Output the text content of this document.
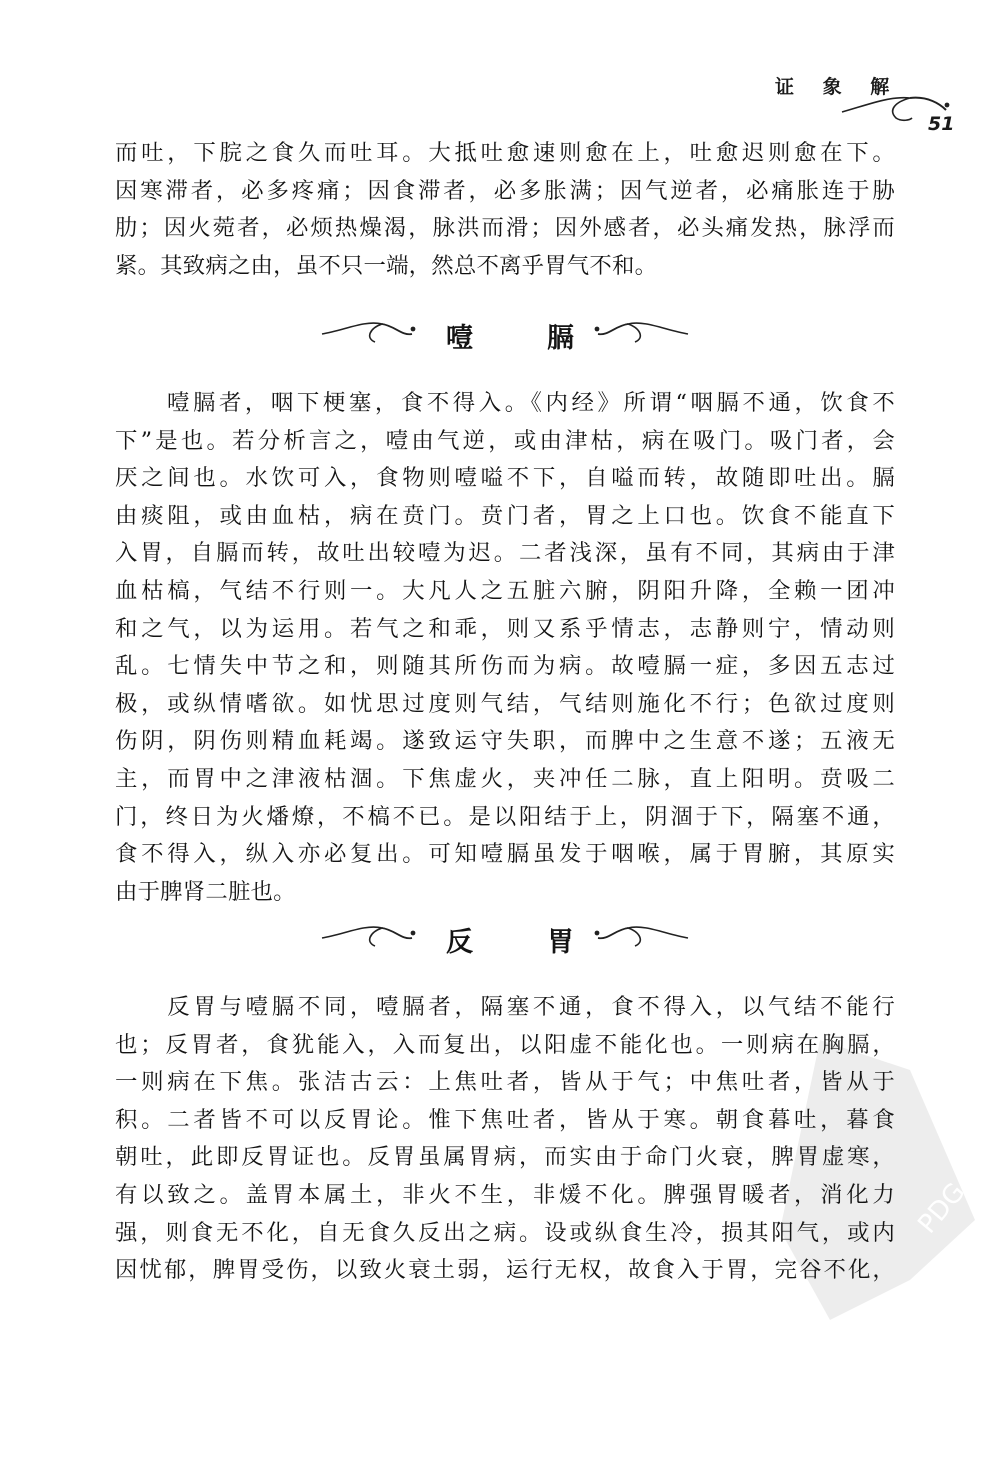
PDG
证 象 解
51
而吐，下脘之食久而吐耳。大抵吐愈速则愈在上，吐愈迟则愈在下。
因寒滞者，必多疼痛；因食滞者，必多胀满；因气逆者，必痛胀连于胁
肋；因火菀者，必烦热燥渴，脉洪而滑；因外感者，必头痛发热，脉浮而
紧。其致病之由，虽不只一端，然总不离乎胃气不和。
噎	膈
　　噎膈者，咽下梗塞，食不得入。《内经》所谓“咽膈不通，饮食不
下”是也。若分析言之，噎由气逆，或由津枯，病在吸门。吸门者，会
厌之间也。水饮可入，食物则噎嗌不下，自嗌而转，故随即吐出。膈
由痰阻，或由血枯，病在贲门。贲门者，胃之上口也。饮食不能直下
入胃，自膈而转，故吐出较噎为迟。二者浅深，虽有不同，其病由于津
血枯槁，气结不行则一。大凡人之五脏六腑，阴阳升降，全赖一团冲
和之气，以为运用。若气之和乖，则又系乎情志，志静则宁，情动则
乱。七情失中节之和，则随其所伤而为病。故噎膈一症，多因五志过
极，或纵情嗜欲。如忧思过度则气结，气结则施化不行；色欲过度则
伤阴，阴伤则精血耗竭。遂致运守失职，而脾中之生意不遂；五液无
主，而胃中之津液枯涸。下焦虚火，夹冲任二脉，直上阳明。贲吸二
门，终日为火燔燎，不槁不已。是以阳结于上，阴涸于下，隔塞不通，
食不得入，纵入亦必复出。可知噎膈虽发于咽喉，属于胃腑，其原实
由于脾肾二脏也。
反	胃
　　反胃与噎膈不同，噎膈者，隔塞不通，食不得入，以气结不能行
也；反胃者，食犹能入，入而复出，以阳虚不能化也。一则病在胸膈，
一则病在下焦。张洁古云：上焦吐者，皆从于气；中焦吐者，皆从于
积。二者皆不可以反胃论。惟下焦吐者，皆从于寒。朝食暮吐，暮食
朝吐，此即反胃证也。反胃虽属胃病，而实由于命门火衰，脾胃虚寒，
有以致之。盖胃本属土，非火不生，非煖不化。脾强胃暖者，消化力
强，则食无不化，自无食久反出之病。设或纵食生冷，损其阳气，或内
因忧郁，脾胃受伤，以致火衰土弱，运行无权，故食入于胃，完谷不化，
